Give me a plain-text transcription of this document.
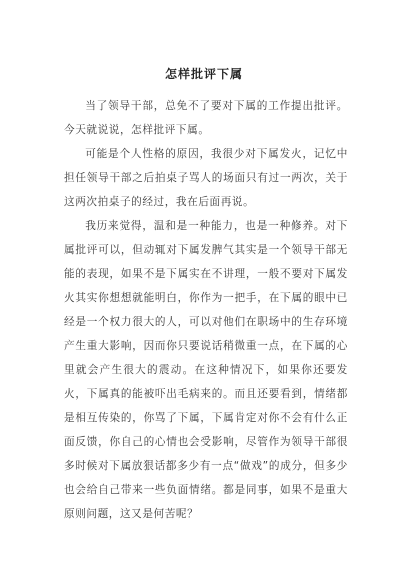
怎样批评下属

当了领导干部，总免不了要对下属的工作提出批评。今天就说说，怎样批评下属。

可能是个人性格的原因，我很少对下属发火，记忆中担任领导干部之后拍桌子骂人的场面只有过一两次，关于这两次拍桌子的经过，我在后面再说。

我历来觉得，温和是一种能力，也是一种修养。对下属批评可以，但动辄对下属发脾气其实是一个领导干部无能的表现，如果不是下属实在不讲理，一般不要对下属发火其实你想想就能明白，你作为一把手，在下属的眼中已经是一个权力很大的人，可以对他们在职场中的生存环境产生重大影响，因而你只要说话稍微重一点，在下属的心里就会产生很大的震动。在这种情况下，如果你还要发火，下属真的能被吓出毛病来的。而且还要看到，情绪都是相互传染的，你骂了下属，下属肯定对你不会有什么正面反馈，你自己的心情也会受影响，尽管作为领导干部很多时候对下属放狠话都多少有一点“做戏”的成分，但多少也会给自己带来一些负面情绪。都是同事，如果不是重大原则问题，这又是何苦呢？
